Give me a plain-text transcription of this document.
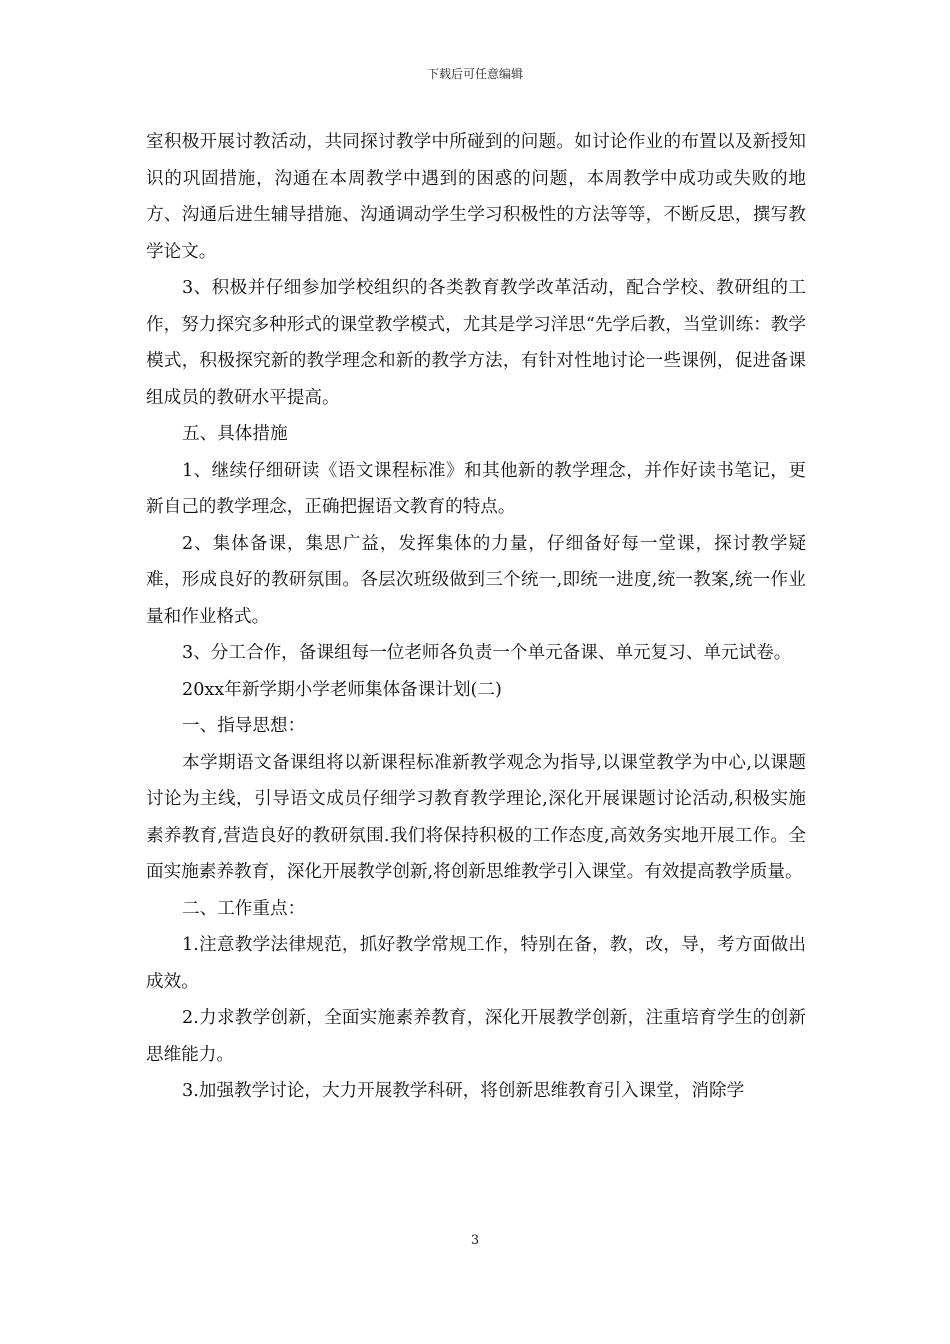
下载后可任意编辑

室积极开展讨教活动，共同探讨教学中所碰到的问题。如讨论作业的布置以及新授知识的巩固措施，沟通在本周教学中遇到的困惑的问题，本周教学中成功或失败的地方、沟通后进生辅导措施、沟通调动学生学习积极性的方法等等，不断反思，撰写教学论文。

3、积极并仔细参加学校组织的各类教育教学改革活动，配合学校、教研组的工作，努力探究多种形式的课堂教学模式，尤其是学习洋思“先学后教，当堂训练：教学模式，积极探究新的教学理念和新的教学方法，有针对性地讨论一些课例，促进备课组成员的教研水平提高。

五、具体措施

1、继续仔细研读《语文课程标准》和其他新的教学理念，并作好读书笔记，更新自己的教学理念，正确把握语文教育的特点。

2、集体备课，集思广益，发挥集体的力量，仔细备好每一堂课，探讨教学疑难，形成良好的教研氛围。各层次班级做到三个统一,即统一进度,统一教案,统一作业量和作业格式。

3、分工合作，备课组每一位老师各负责一个单元备课、单元复习、单元试卷。

20xx年新学期小学老师集体备课计划(二)

一、指导思想：

本学期语文备课组将以新课程标准新教学观念为指导,以课堂教学为中心,以课题讨论为主线，引导语文成员仔细学习教育教学理论,深化开展课题讨论活动,积极实施素养教育,营造良好的教研氛围.我们将保持积极的工作态度,高效务实地开展工作。全面实施素养教育，深化开展教学创新,将创新思维教学引入课堂。有效提高教学质量。

二、工作重点：

1.注意教学法律规范，抓好教学常规工作，特别在备，教，改，导，考方面做出成效。

2.力求教学创新，全面实施素养教育，深化开展教学创新，注重培育学生的创新思维能力。

3.加强教学讨论，大力开展教学科研，将创新思维教育引入课堂，消除学

3
